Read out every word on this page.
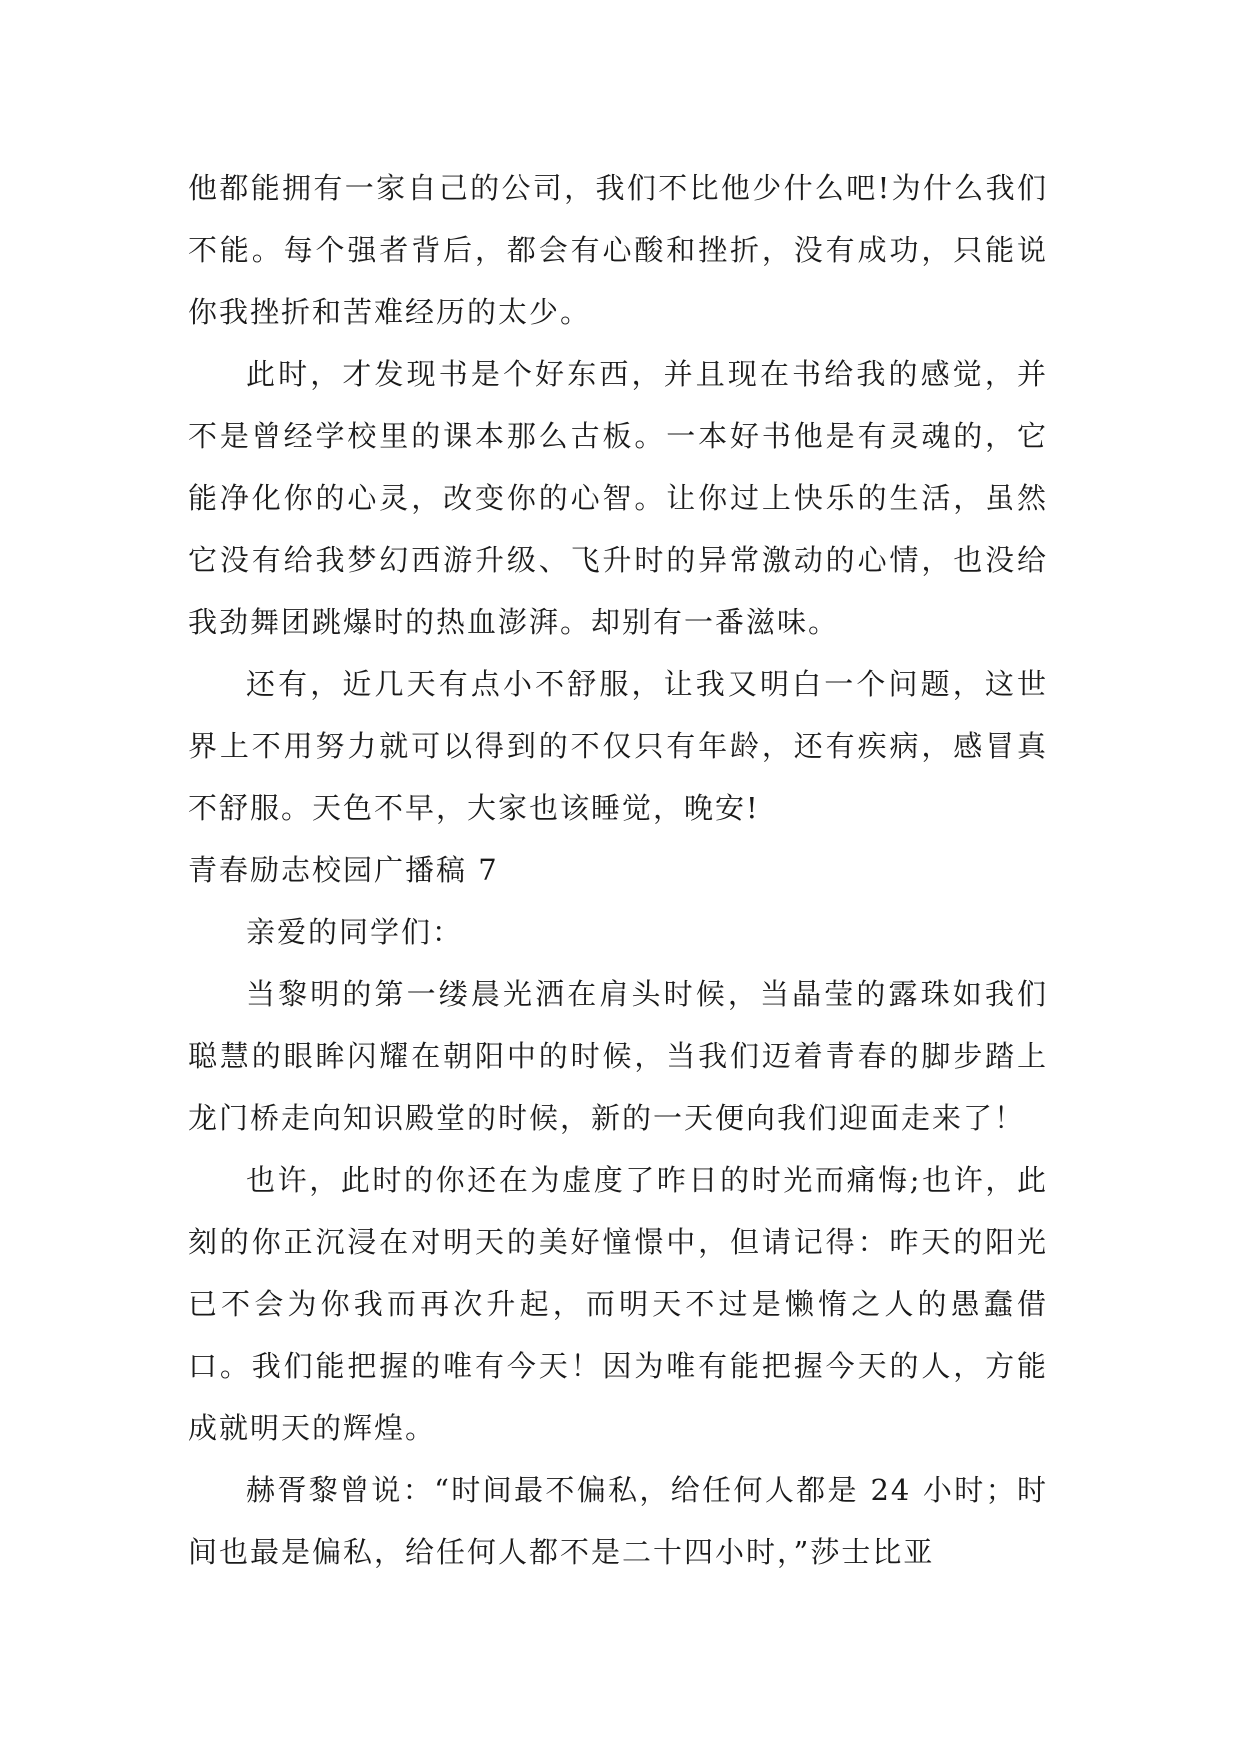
他都能拥有一家自己的公司，我们不比他少什么吧!为什么我们不能。每个强者背后，都会有心酸和挫折，没有成功，只能说你我挫折和苦难经历的太少。

此时，才发现书是个好东西，并且现在书给我的感觉，并不是曾经学校里的课本那么古板。一本好书他是有灵魂的，它能净化你的心灵，改变你的心智。让你过上快乐的生活，虽然它没有给我梦幻西游升级、飞升时的异常激动的心情，也没给我劲舞团跳爆时的热血澎湃。却别有一番滋味。

还有，近几天有点小不舒服，让我又明白一个问题，这世界上不用努力就可以得到的不仅只有年龄，还有疾病，感冒真不舒服。天色不早，大家也该睡觉，晚安!

青春励志校园广播稿 7

亲爱的同学们：

当黎明的第一缕晨光洒在肩头时候，当晶莹的露珠如我们聪慧的眼眸闪耀在朝阳中的时候，当我们迈着青春的脚步踏上龙门桥走向知识殿堂的时候，新的一天便向我们迎面走来了！

也许，此时的你还在为虚度了昨日的时光而痛悔;也许，此刻的你正沉浸在对明天的美好憧憬中，但请记得：昨天的阳光已不会为你我而再次升起，而明天不过是懒惰之人的愚蠢借口。我们能把握的唯有今天！因为唯有能把握今天的人，方能成就明天的辉煌。

赫胥黎曾说：“时间最不偏私，给任何人都是 24 小时；时间也最是偏私，给任何人都不是二十四小时，”莎士比亚
